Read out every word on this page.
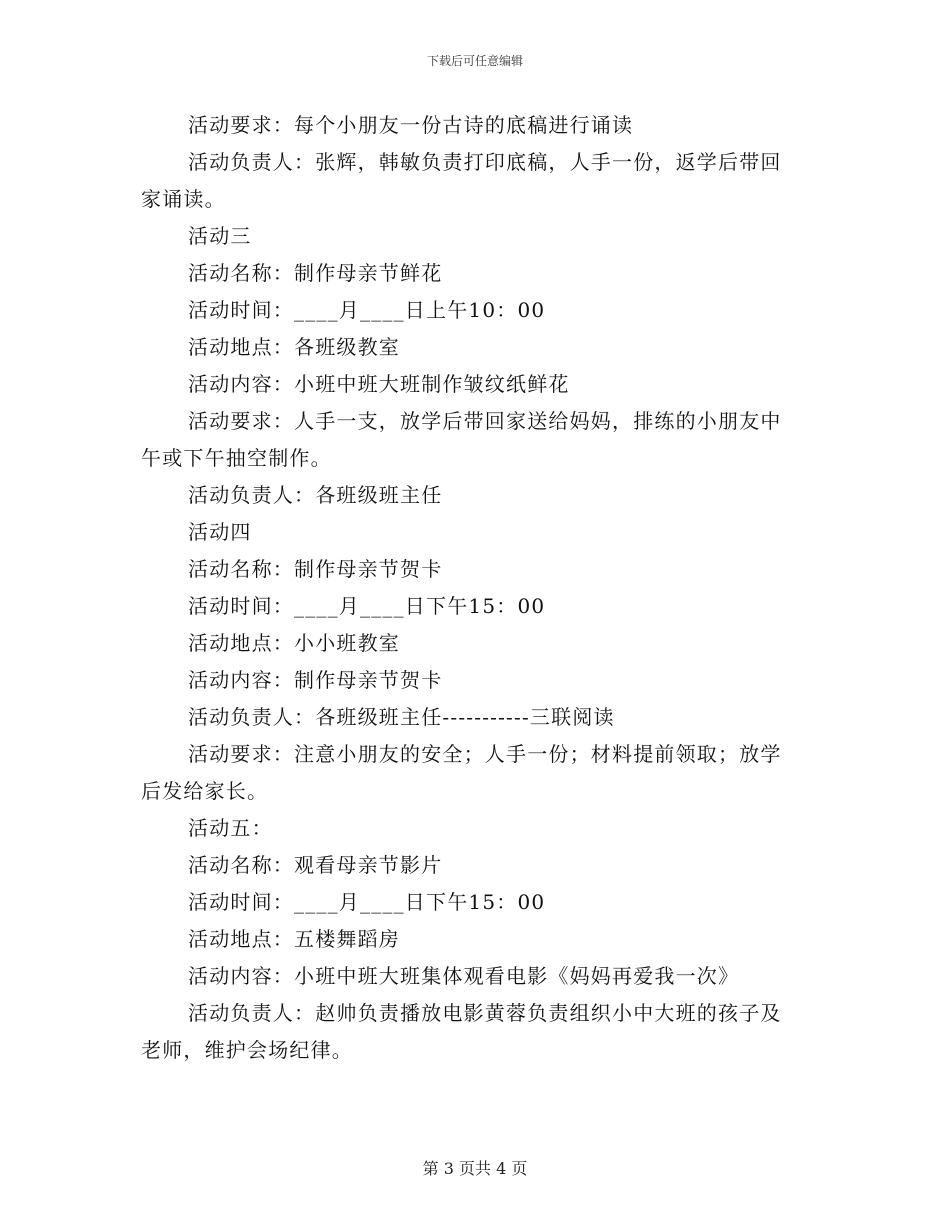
下载后可任意编辑

活动要求：每个小朋友一份古诗的底稿进行诵读

活动负责人：张辉，韩敏负责打印底稿，人手一份，返学后带回家诵读。

活动三

活动名称：制作母亲节鲜花

活动时间：____月____日上午10：00

活动地点：各班级教室

活动内容：小班中班大班制作皱纹纸鲜花

活动要求：人手一支，放学后带回家送给妈妈，排练的小朋友中午或下午抽空制作。

活动负责人：各班级班主任

活动四

活动名称：制作母亲节贺卡

活动时间：____月____日下午15：00

活动地点：小小班教室

活动内容：制作母亲节贺卡

活动负责人：各班级班主任-----------三联阅读

活动要求：注意小朋友的安全；人手一份；材料提前领取；放学后发给家长。

活动五：

活动名称：观看母亲节影片

活动时间：____月____日下午15：00

活动地点：五楼舞蹈房

活动内容：小班中班大班集体观看电影《妈妈再爱我一次》

活动负责人：赵帅负责播放电影黄蓉负责组织小中大班的孩子及老师，维护会场纪律。

第 3 页共 4 页
